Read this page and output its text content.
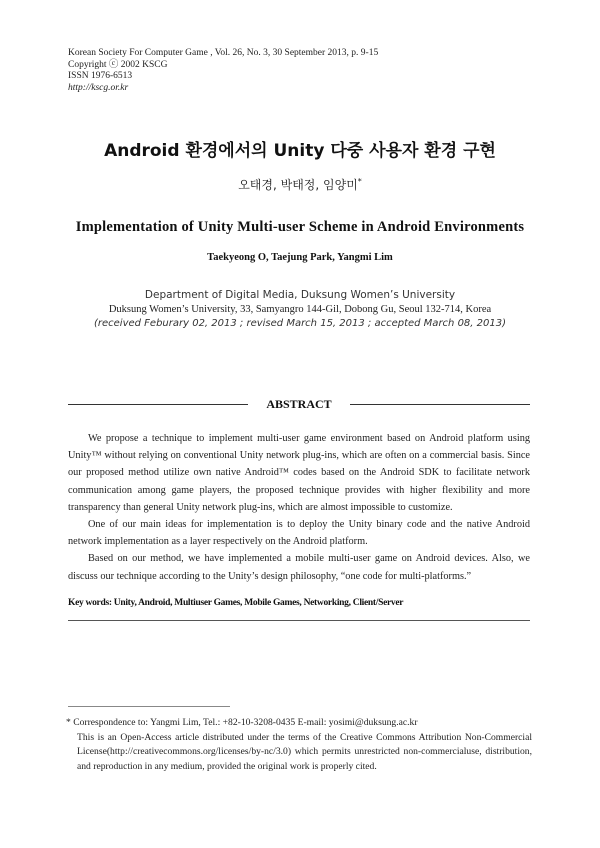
Korean Society For Computer Game , Vol. 26, No. 3, 30 September 2013, p. 9-15
Copyright ⓒ 2002 KSCG
ISSN 1976-6513
http://kscg.or.kr
Android 환경에서의 Unity 다중 사용자 환경 구현
오태경, 박태정, 임양미*
Implementation of Unity Multi-user Scheme in Android Environments
Taekyeong O, Taejung Park, Yangmi Lim
Department of Digital Media, Duksung Women’s University
Duksung Women’s University, 33, Samyangro 144-Gil, Dobong Gu, Seoul 132-714, Korea
(received Feburary 02, 2013 ; revised March 15, 2013 ; accepted March 08, 2013)
ABSTRACT

We propose a technique to implement multi-user game environment based on Android platform using Unity™ without relying on conventional Unity network plug-ins, which are often on a commercial basis. Since our proposed method utilize own native Android™ codes based on the Android SDK to facilitate network communication among game players, the proposed technique provides with higher flexibility and more transparency than general Unity network plug-ins, which are almost impossible to customize.

One of our main ideas for implementation is to deploy the Unity binary code and the native Android network implementation as a layer respectively on the Android platform.

Based on our method, we have implemented a mobile multi-user game on Android devices. Also, we discuss our technique according to the Unity’s design philosophy, “one code for multi-platforms.”

Key words: Unity, Android, Multiuser Games, Mobile Games, Networking, Client/Server
* Correspondence to: Yangmi Lim, Tel.: +82-10-3208-0435 E-mail: yosimi@duksung.ac.kr
This is an Open-Access article distributed under the terms of the Creative Commons Attribution Non-Commercial License(http://creativecommons.org/licenses/by-nc/3.0) which permits unrestricted non-commercialuse, distribution, and reproduction in any medium, provided the original work is properly cited.
